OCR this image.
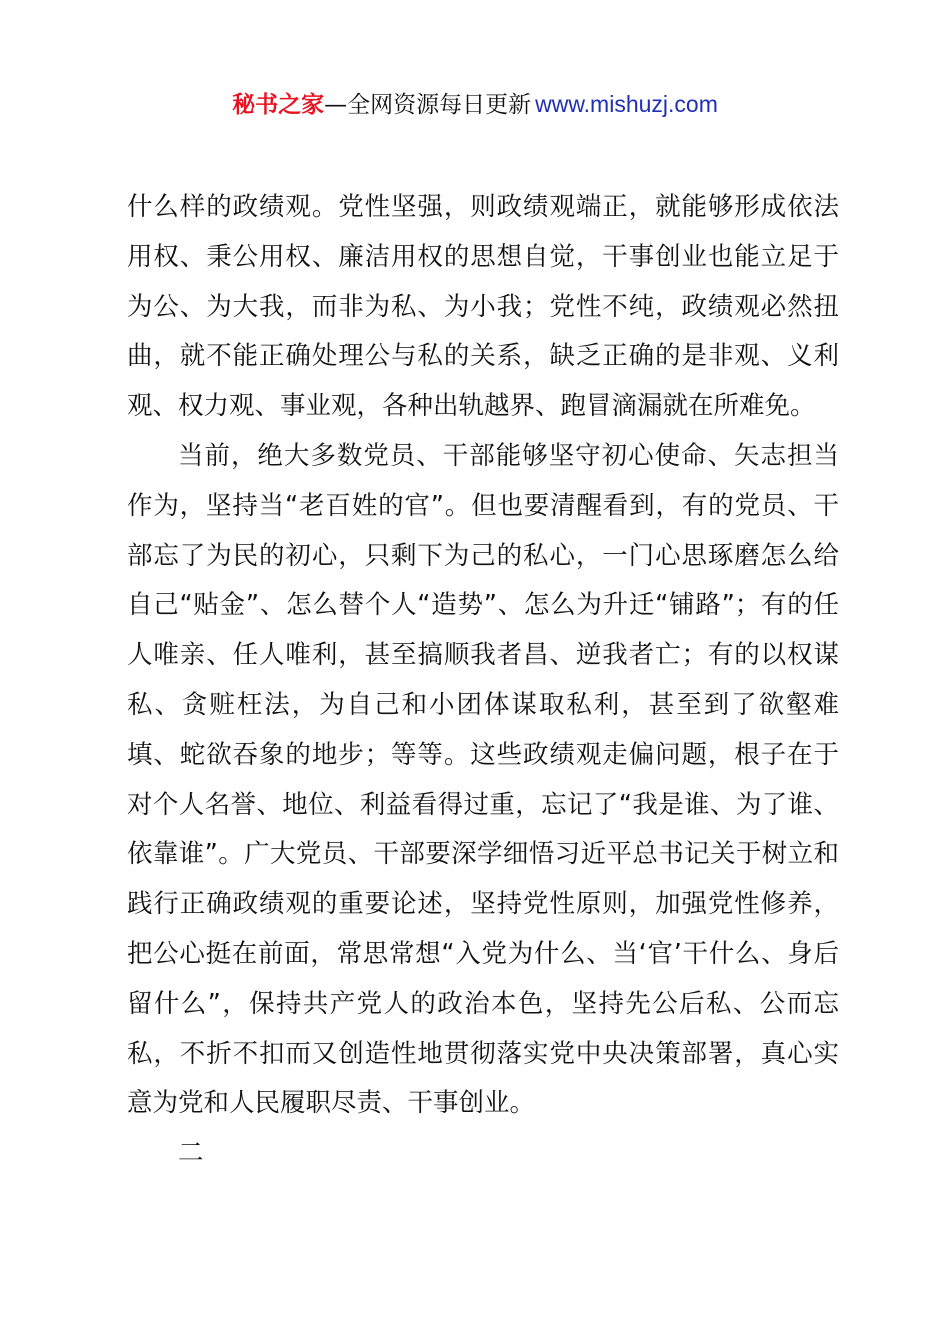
秘书之家—全网资源每日更新 www.mishuzj.com

什么样的政绩观。党性坚强，则政绩观端正，就能够形成依法用权、秉公用权、廉洁用权的思想自觉，干事创业也能立足于为公、为大我，而非为私、为小我；党性不纯，政绩观必然扭曲，就不能正确处理公与私的关系，缺乏正确的是非观、义利观、权力观、事业观，各种出轨越界、跑冒滴漏就在所难免。

当前，绝大多数党员、干部能够坚守初心使命、矢志担当作为，坚持当“老百姓的官”。但也要清醒看到，有的党员、干部忘了为民的初心，只剩下为己的私心，一门心思琢磨怎么给自己“贴金”、怎么替个人“造势”、怎么为升迁“铺路”；有的任人唯亲、任人唯利，甚至搞顺我者昌、逆我者亡；有的以权谋私、贪赃枉法，为自己和小团体谋取私利，甚至到了欲壑难填、蛇欲吞象的地步；等等。这些政绩观走偏问题，根子在于对个人名誉、地位、利益看得过重，忘记了“我是谁、为了谁、依靠谁”。广大党员、干部要深学细悟习近平总书记关于树立和践行正确政绩观的重要论述，坚持党性原则，加强党性修养，把公心挺在前面，常思常想“入党为什么、当‘官’干什么、身后留什么”，保持共产党人的政治本色，坚持先公后私、公而忘私，不折不扣而又创造性地贯彻落实党中央决策部署，真心实意为党和人民履职尽责、干事创业。

二
